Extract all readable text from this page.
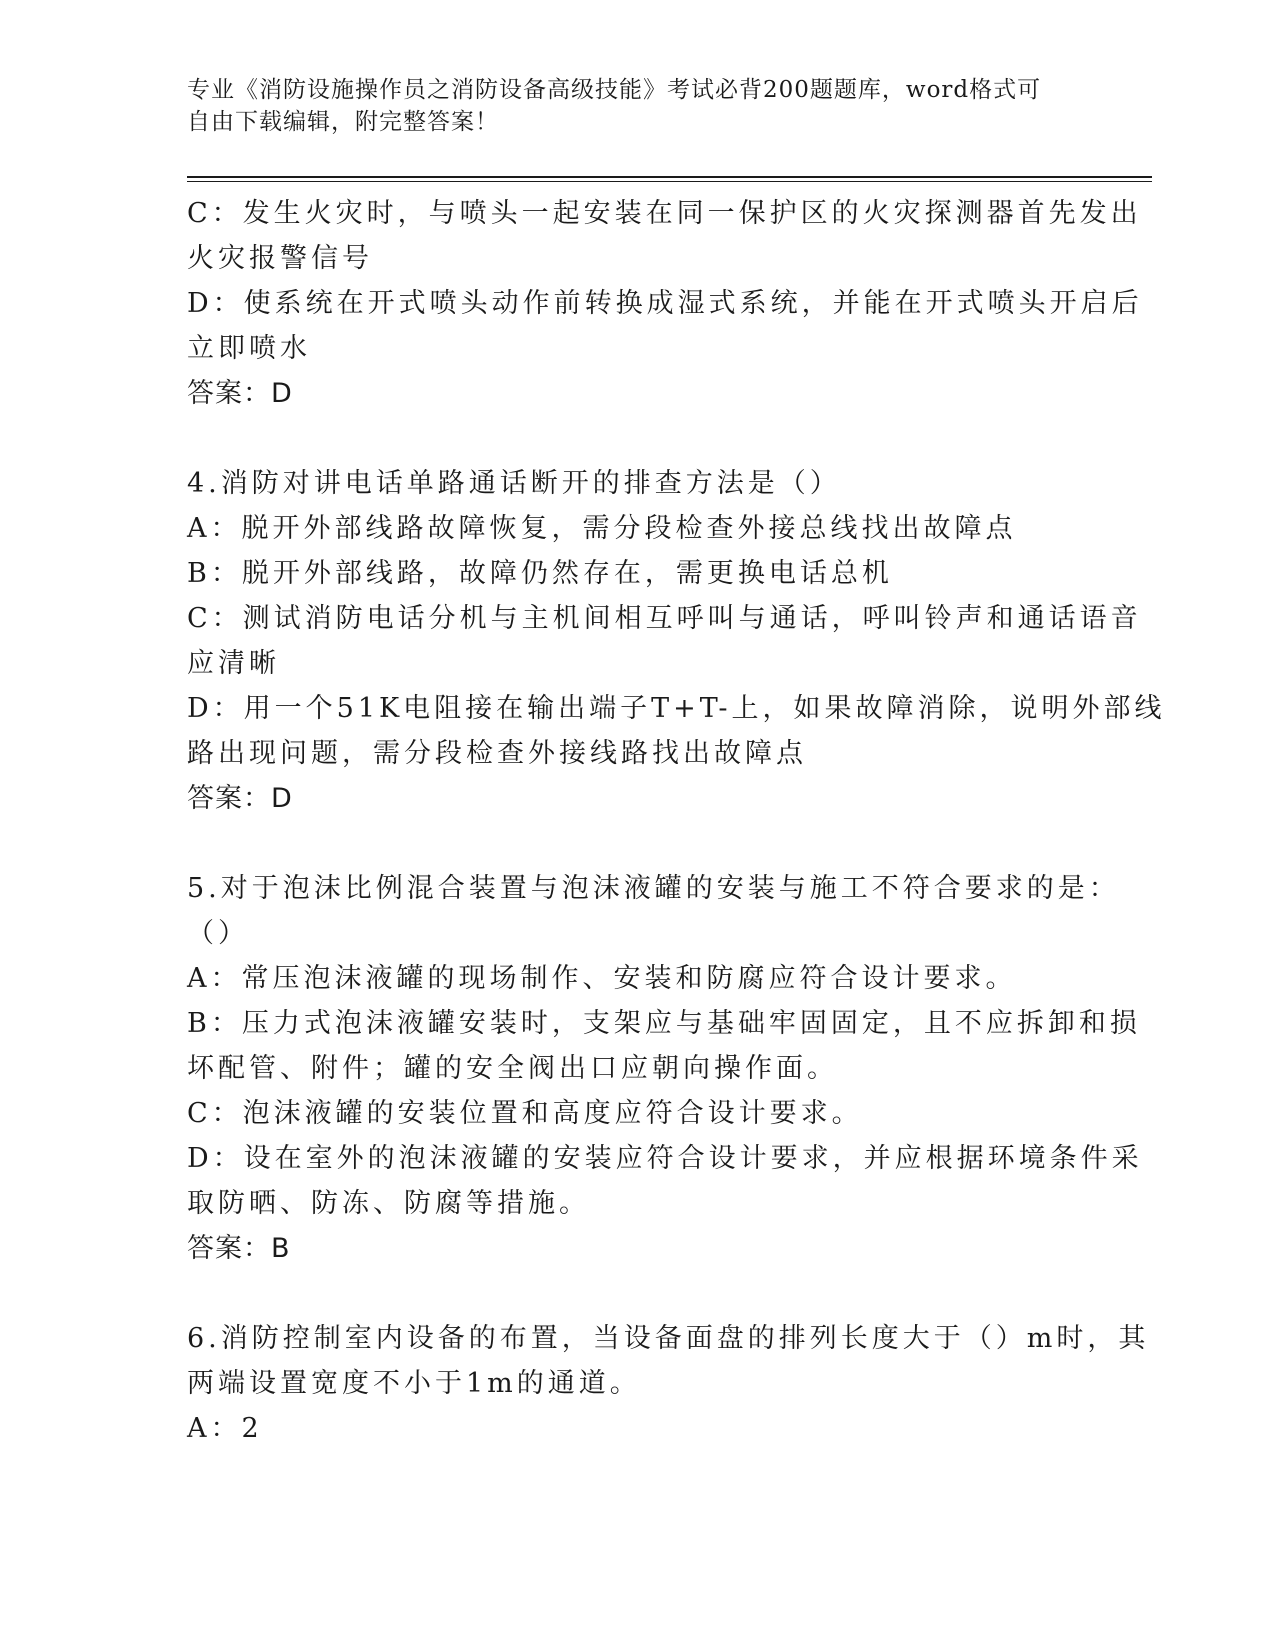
专业《消防设施操作员之消防设备高级技能》考试必背200题题库，word格式可
自由下载编辑，附完整答案！
C：发生火灾时，与喷头一起安装在同一保护区的火灾探测器首先发出
火灾报警信号
D：使系统在开式喷头动作前转换成湿式系统，并能在开式喷头开启后
立即喷水
答案：D
4.消防对讲电话单路通话断开的排查方法是（）
A：脱开外部线路故障恢复，需分段检查外接总线找出故障点
B：脱开外部线路，故障仍然存在，需更换电话总机
C：测试消防电话分机与主机间相互呼叫与通话，呼叫铃声和通话语音
应清晰
D：用一个51K电阻接在输出端子T+T-上，如果故障消除，说明外部线
路出现问题，需分段检查外接线路找出故障点
答案：D
5.对于泡沫比例混合装置与泡沫液罐的安装与施工不符合要求的是：
（）
A：常压泡沫液罐的现场制作、安装和防腐应符合设计要求。
B：压力式泡沫液罐安装时，支架应与基础牢固固定，且不应拆卸和损
坏配管、附件；罐的安全阀出口应朝向操作面。
C：泡沫液罐的安装位置和高度应符合设计要求。
D：设在室外的泡沫液罐的安装应符合设计要求，并应根据环境条件采
取防晒、防冻、防腐等措施。
答案：B
6.消防控制室内设备的布置，当设备面盘的排列长度大于（）m时，其
两端设置宽度不小于1m的通道。
A：2
